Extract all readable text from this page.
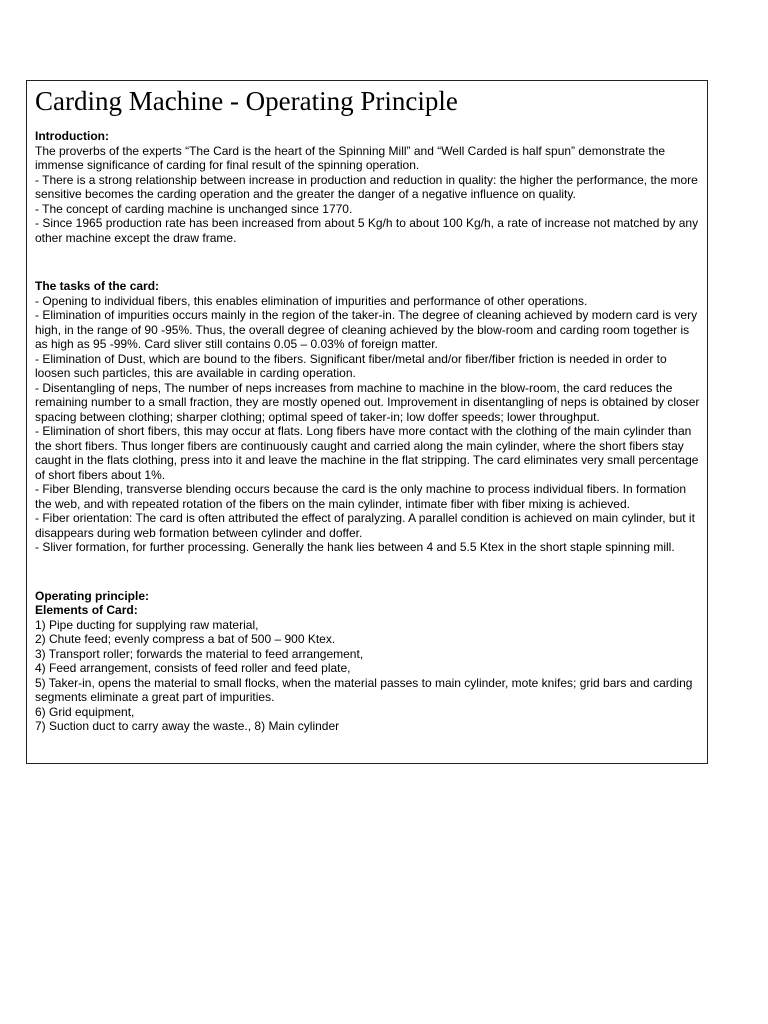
Carding Machine - Operating Principle

Introduction:

The proverbs of the experts “The Card is the heart of the Spinning Mill” and “Well Carded is half spun” demonstrate the immense significance of carding for final result of the spinning operation.

- There is a strong relationship between increase in production and reduction in quality: the higher the performance, the more sensitive becomes the carding operation and the greater the danger of a negative influence on quality.

- The concept of carding machine is unchanged since 1770.

- Since 1965 production rate has been increased from about 5 Kg/h to about 100 Kg/h, a rate of increase not matched by any other machine except the draw frame.

The tasks of the card:

- Opening to individual fibers, this enables elimination of impurities and performance of other operations.

- Elimination of impurities occurs mainly in the region of the taker-in. The degree of cleaning achieved by modern card is very high, in the range of 90 -95%. Thus, the overall degree of cleaning achieved by the blow-room and carding room together is as high as 95 -99%. Card sliver still contains 0.05 – 0.03% of foreign matter.

- Elimination of Dust, which are bound to the fibers. Significant fiber/metal and/or fiber/fiber friction is needed in order to loosen such particles, this are available in carding operation.

- Disentangling of neps, The number of neps increases from machine to machine in the blow-room, the card reduces the remaining number to a small fraction, they are mostly opened out. Improvement in disentangling of neps is obtained by closer spacing between clothing; sharper clothing; optimal speed of taker-in; low doffer speeds; lower throughput.

- Elimination of short fibers, this may occur at flats. Long fibers have more contact with the clothing of the main cylinder than the short fibers. Thus longer fibers are continuously caught and carried along the main cylinder, where the short fibers stay caught in the flats clothing, press into it and leave the machine in the flat stripping. The card eliminates very small percentage of short fibers about 1%.

- Fiber Blending, transverse blending occurs because the card is the only machine to process individual fibers. In formation the web, and with repeated rotation of the fibers on the main cylinder, intimate fiber with fiber mixing is achieved.

- Fiber orientation: The card is often attributed the effect of paralyzing. A parallel condition is achieved on main cylinder, but it disappears during web formation between cylinder and doffer.

- Sliver formation, for further processing. Generally the hank lies between 4 and 5.5 Ktex in the short staple spinning mill.

Operating principle:

Elements of Card:

1) Pipe ducting for supplying raw material,

2) Chute feed; evenly compress a bat of 500 – 900 Ktex.

3) Transport roller; forwards the material to feed arrangement,

4) Feed arrangement, consists of feed roller and feed plate,

5) Taker-in, opens the material to small flocks, when the material passes to main cylinder, mote knifes; grid bars and carding segments eliminate a great part of impurities.

6) Grid equipment,

7) Suction duct to carry away the waste., 8) Main cylinder
